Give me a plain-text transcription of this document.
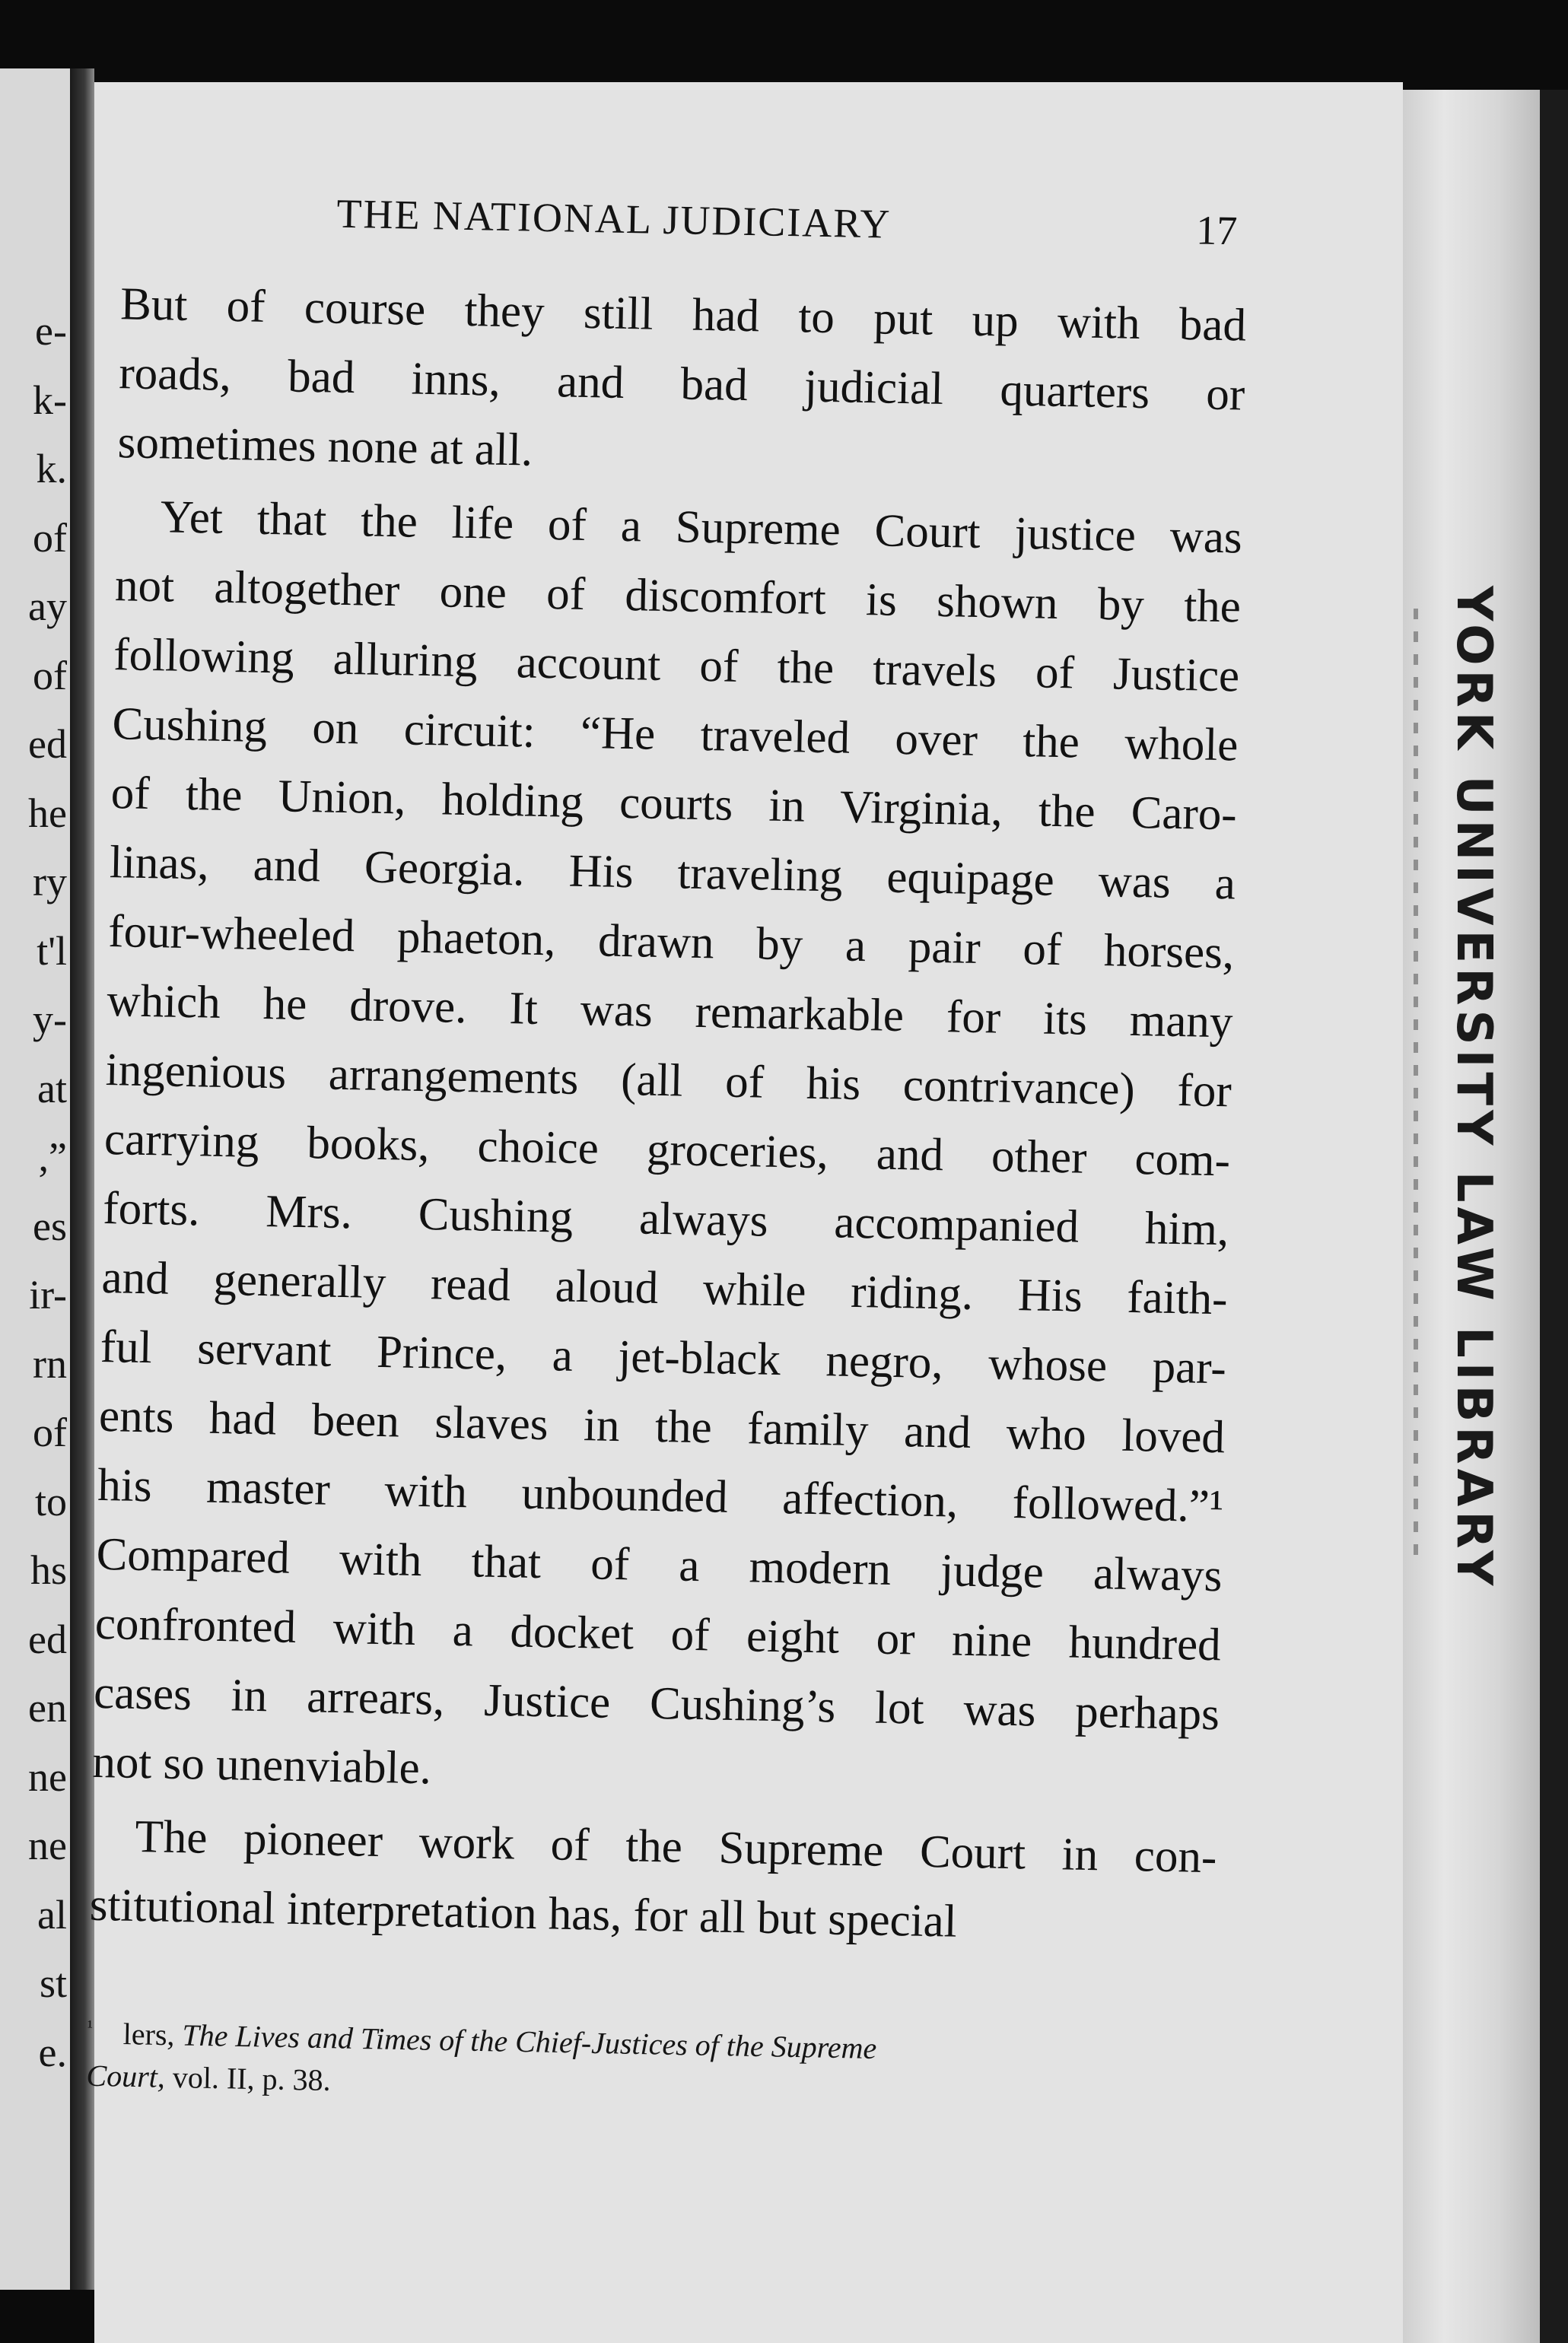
e-
k-
k.
of
ay
of
ed
he
ry
t'l
y-
at
,”
es
ir-
rn
of
to
hs
ed
en
ne
ne
al
st
e.
THE NATIONAL JUDICIARY	17
But of course they still had to put up with bad
roads, bad inns, and bad judicial quarters or
sometimes none at all.
Yet that the life of a Supreme Court justice was
not altogether one of discomfort is shown by the
following alluring account of the travels of Justice
Cushing on circuit: “He traveled over the whole
of the Union, holding courts in Virginia, the Caro-
linas, and Georgia. His traveling equipage was a
four-wheeled phaeton, drawn by a pair of horses,
which he drove. It was remarkable for its many
ingenious arrangements (all of his contrivance) for
carrying books, choice groceries, and other com-
forts. Mrs. Cushing always accompanied him,
and generally read aloud while riding. His faith-
ful servant Prince, a jet-black negro, whose par-
ents had been slaves in the family and who loved
his master with unbounded affection, followed.”¹
Compared with that of a modern judge always
confronted with a docket of eight or nine hundred
cases in arrears, Justice Cushing’s lot was perhaps
not so unenviable.
The pioneer work of the Supreme Court in con-
stitutional interpretation has, for all but special
$^{^1}$ lers, The Lives and Times of the Chief-Justices of the Supreme
Court, vol. II, p. 38.
YORK UNIVERSITY LAW LIBRARY
